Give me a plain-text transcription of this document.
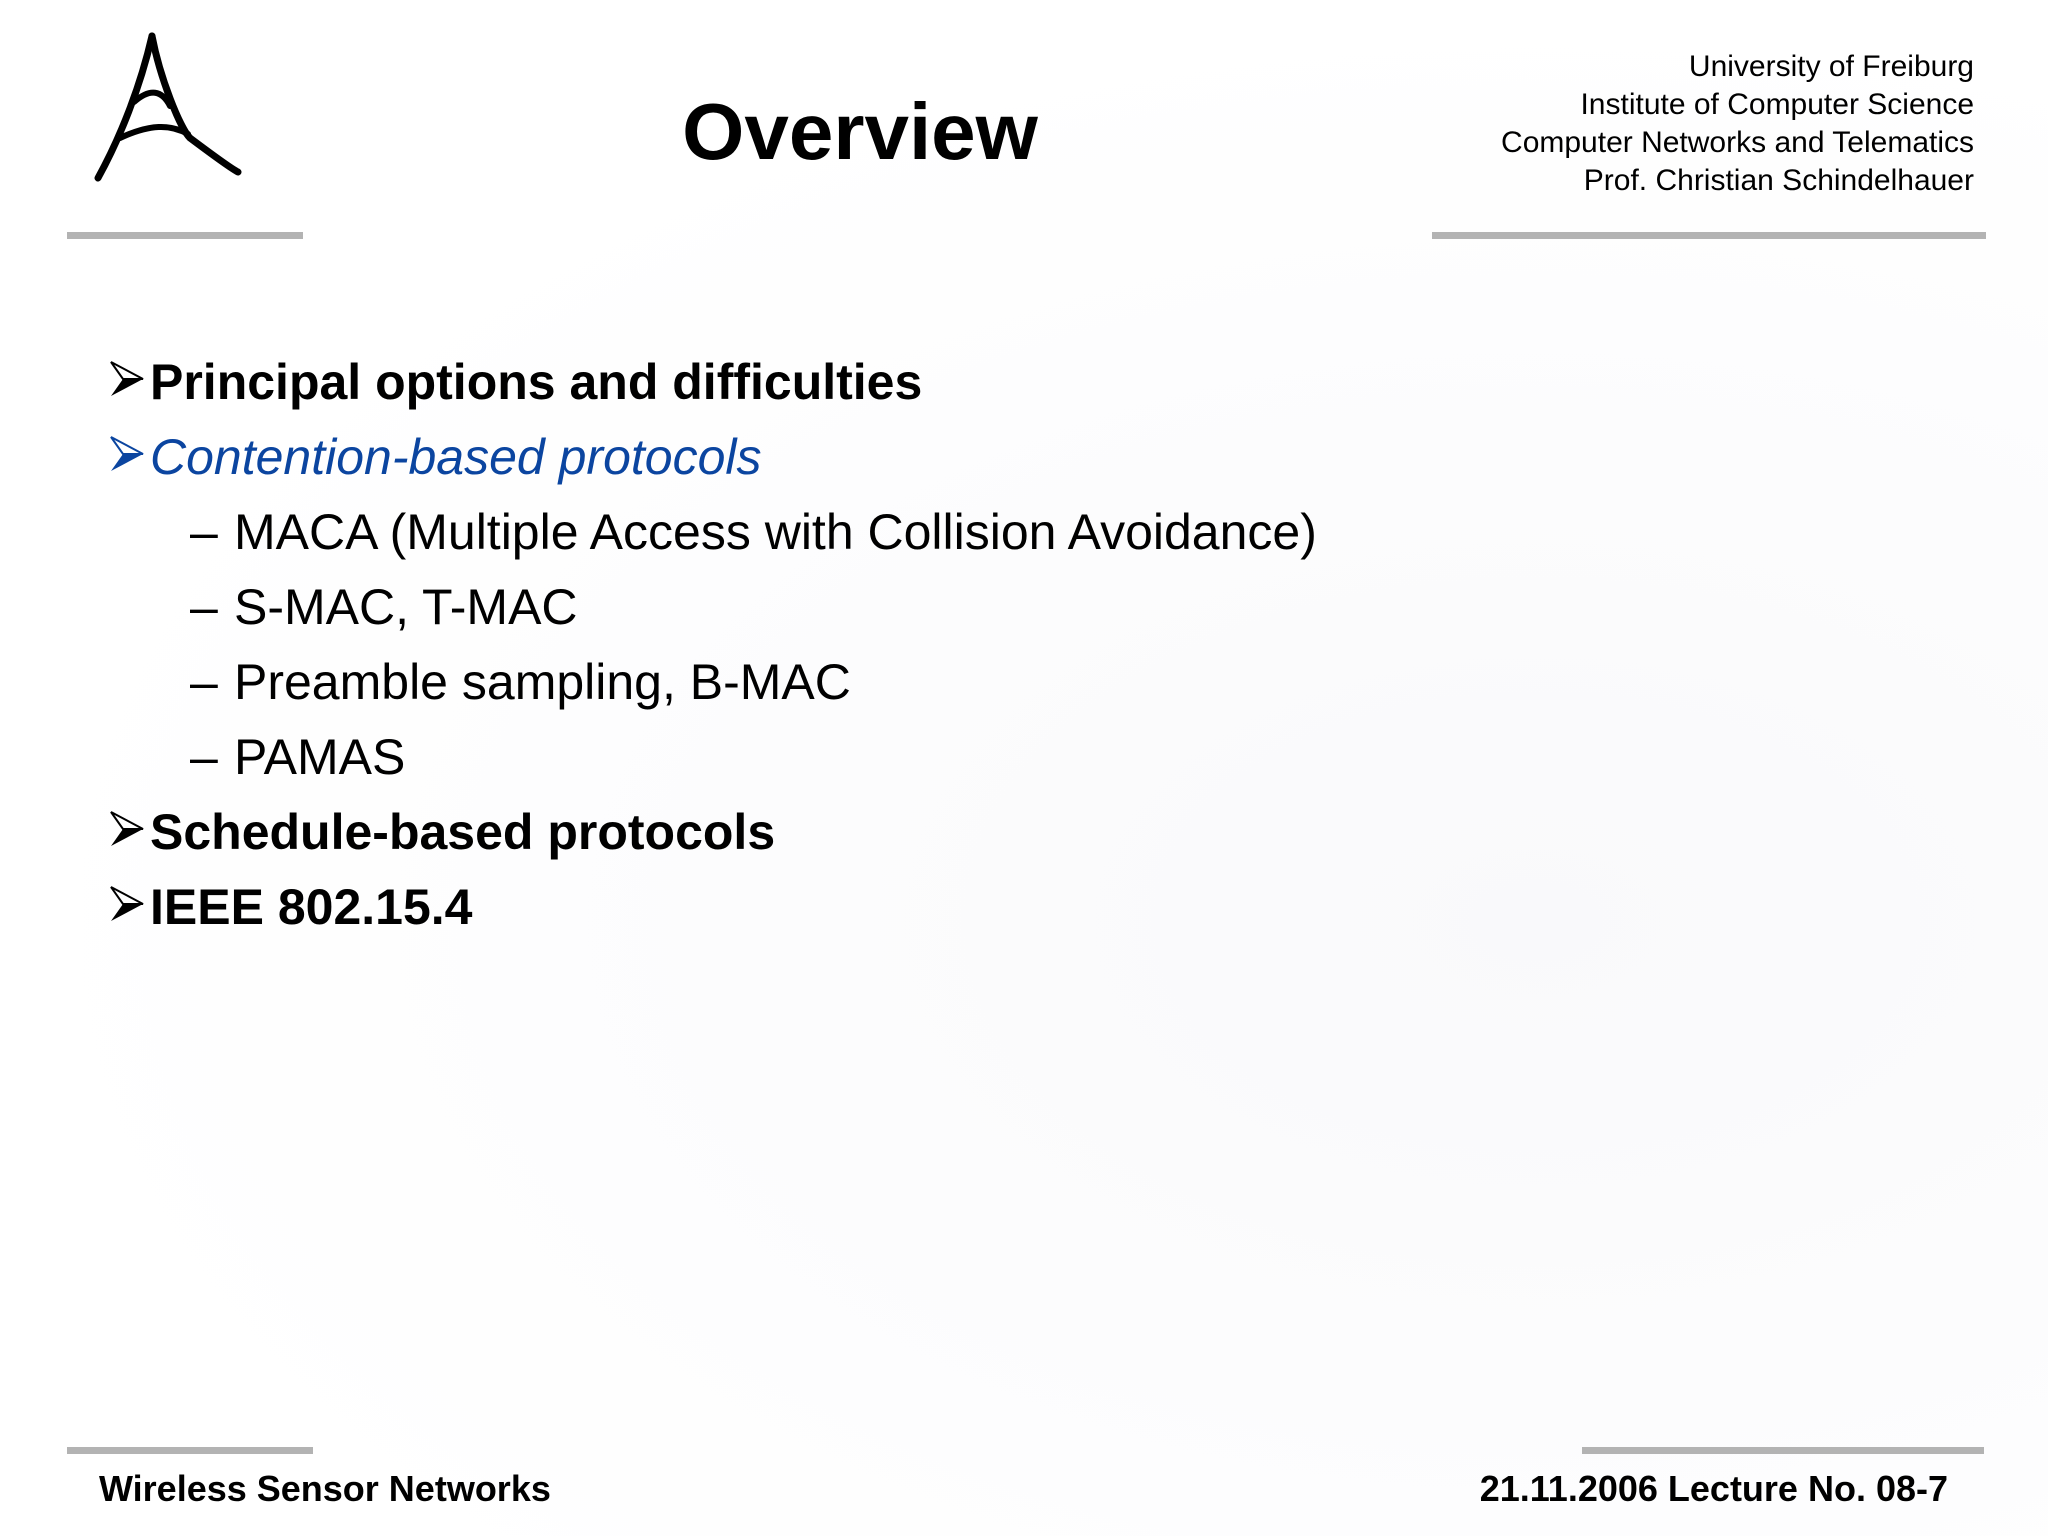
Overview
University of Freiburg
Institute of Computer Science
Computer Networks and Telematics
Prof. Christian Schindelhauer
Principal options and difficulties
Contention-based protocols
– MACA (Multiple Access with Collision Avoidance)
– S-MAC, T-MAC
– Preamble sampling, B-MAC
– PAMAS
Schedule-based protocols
IEEE 802.15.4
Wireless Sensor Networks	21.11.2006 Lecture No. 08-7
